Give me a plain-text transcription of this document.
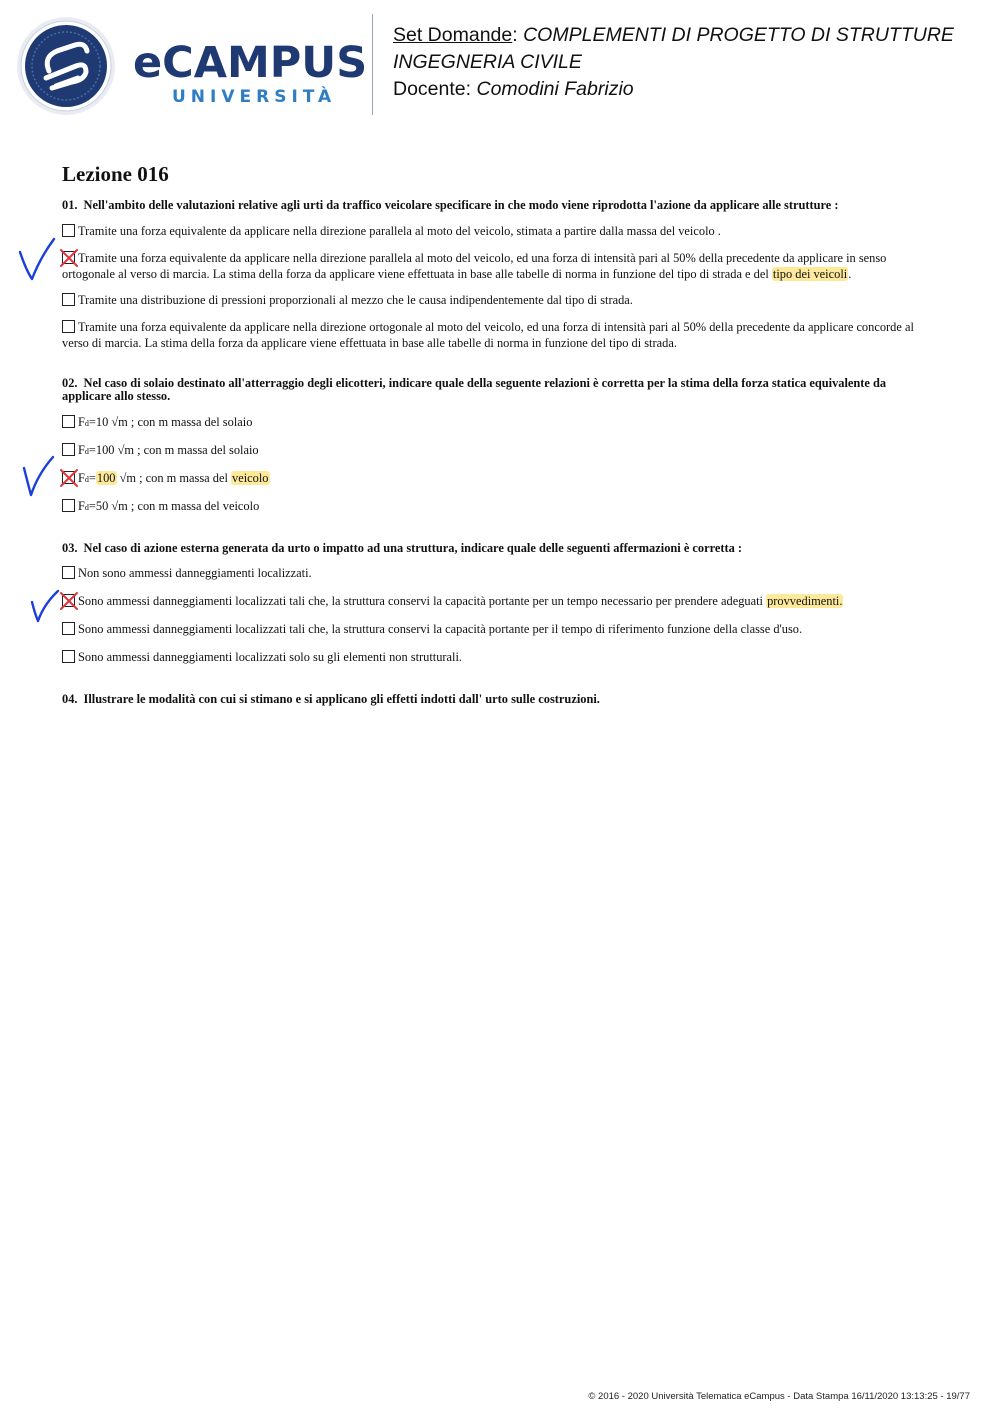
eCAMPUS
UNIVERSITÀ
Set Domande: COMPLEMENTI DI PROGETTO DI STRUTTURE
INGEGNERIA CIVILE
Docente: Comodini Fabrizio
Lezione 016
01. Nell'ambito delle valutazioni relative agli urti da traffico veicolare specificare in che modo viene riprodotta l'azione da applicare alle strutture :
Tramite una forza equivalente da applicare nella direzione parallela al moto del veicolo, stimata a partire dalla massa del veicolo .
Tramite una forza equivalente da applicare nella direzione parallela al moto del veicolo, ed una forza di intensità pari al 50% della precedente da applicare in senso ortogonale al verso di marcia. La stima della forza da applicare viene effettuata in base alle tabelle di norma in funzione del tipo di strada e del tipo dei veicoli.
Tramite una distribuzione di pressioni proporzionali al mezzo che le causa indipendentemente dal tipo di strada.
Tramite una forza equivalente da applicare nella direzione ortogonale al moto del veicolo, ed una forza di intensità pari al 50% della precedente da applicare concorde al verso di marcia. La stima della forza da applicare viene effettuata in base alle tabelle di norma in funzione del tipo di strada.
02. Nel caso di solaio destinato all'atterraggio degli elicotteri, indicare quale della seguente relazioni è corretta per la stima della forza statica equivalente da applicare allo stesso.
Fd=10 √m ; con m massa del solaio
Fd=100 √m ; con m massa del solaio
Fd=100 √m ; con m massa del veicolo
Fd=50 √m ; con m massa del veicolo
03. Nel caso di azione esterna generata da urto o impatto ad una struttura, indicare quale delle seguenti affermazioni è corretta :
Non sono ammessi danneggiamenti localizzati.
Sono ammessi danneggiamenti localizzati tali che, la struttura conservi la capacità portante per un tempo necessario per prendere adeguati provvedimenti.
Sono ammessi danneggiamenti localizzati tali che, la struttura conservi la capacità portante per il tempo di riferimento funzione della classe d'uso.
Sono ammessi danneggiamenti localizzati solo su gli elementi non strutturali.
04. Illustrare le modalità con cui si stimano e si applicano gli effetti indotti dall' urto sulle costruzioni.
© 2016 - 2020 Università Telematica eCampus - Data Stampa 16/11/2020 13:13:25 - 19/77
